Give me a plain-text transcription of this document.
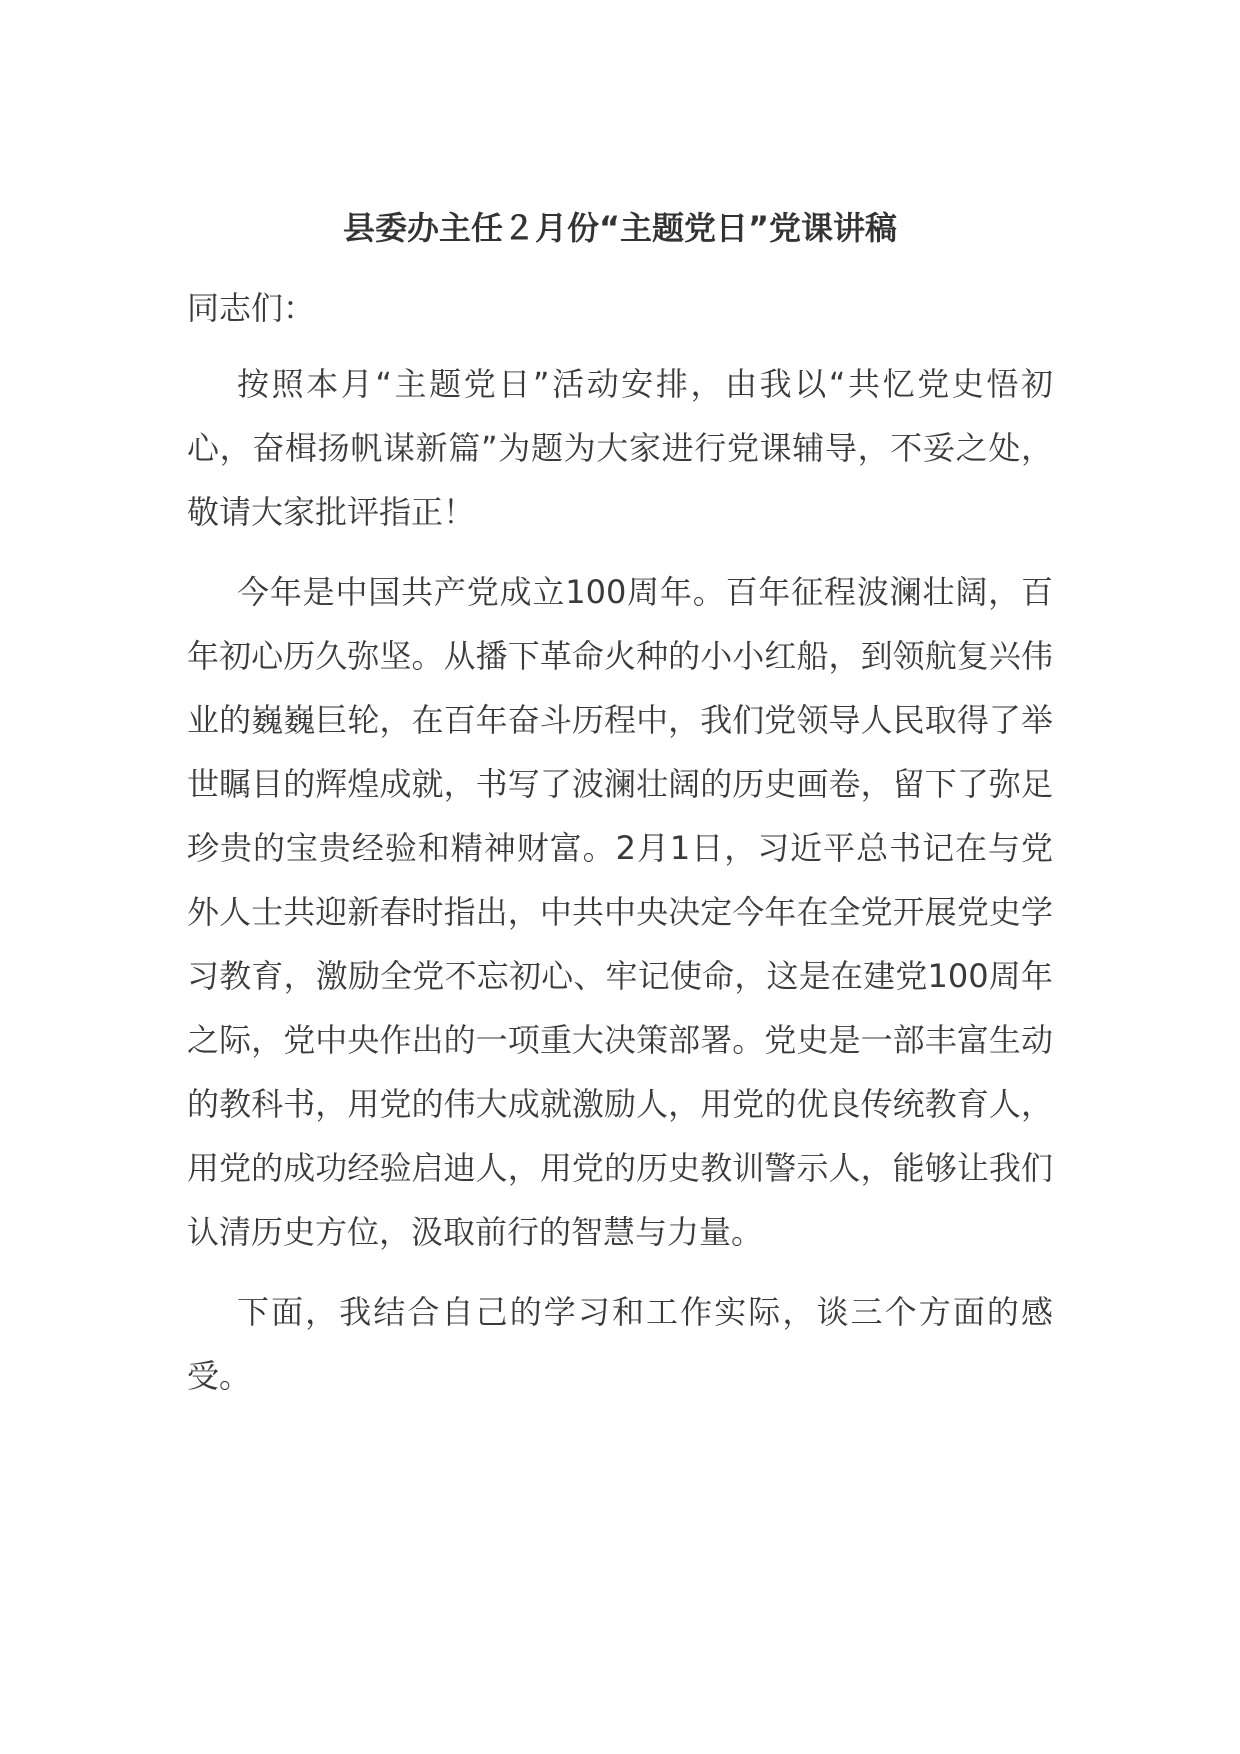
县委办主任２月份“主题党日”党课讲稿
同志们：

按照本月“主题党日”活动安排，由我以“共忆党史悟初心，奋楫扬帆谋新篇”为题为大家进行党课辅导，不妥之处，敬请大家批评指正！

今年是中国共产党成立100周年。百年征程波澜壮阔，百年初心历久弥坚。从播下革命火种的小小红船，到领航复兴伟业的巍巍巨轮，在百年奋斗历程中，我们党领导人民取得了举世瞩目的辉煌成就，书写了波澜壮阔的历史画卷，留下了弥足珍贵的宝贵经验和精神财富。2月1日，习近平总书记在与党外人士共迎新春时指出，中共中央决定今年在全党开展党史学习教育，激励全党不忘初心、牢记使命，这是在建党100周年之际，党中央作出的一项重大决策部署。党史是一部丰富生动的教科书，用党的伟大成就激励人，用党的优良传统教育人，用党的成功经验启迪人，用党的历史教训警示人，能够让我们认清历史方位，汲取前行的智慧与力量。

下面，我结合自己的学习和工作实际，谈三个方面的感受。
